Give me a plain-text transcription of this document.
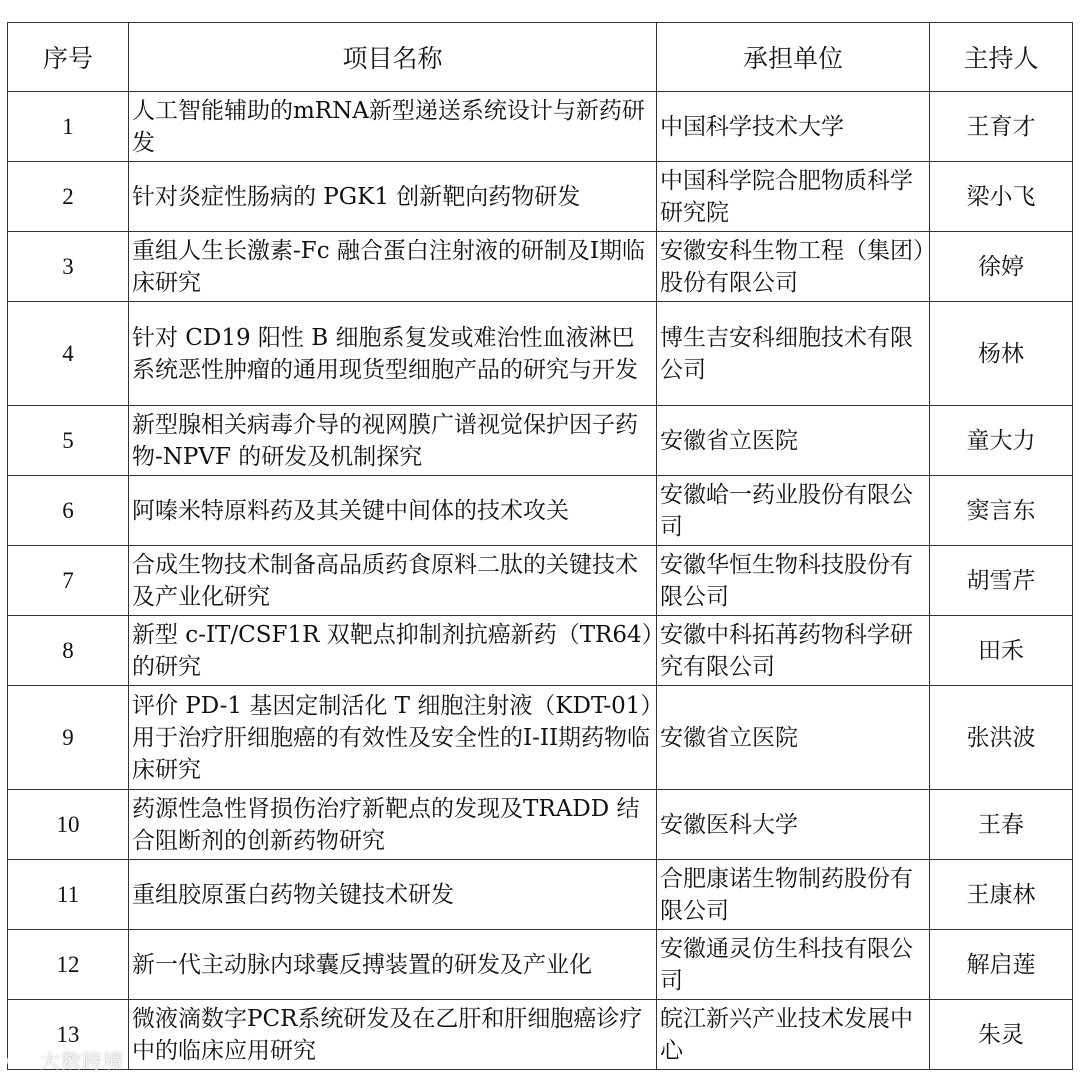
序号	项目名称	承担单位	主持人
1	人工智能辅助的mRNA新型递送系统设计与新药研发	中国科学技术大学	王育才
2	针对炎症性肠病的 PGK1 创新靶向药物研发	中国科学院合肥物质科学研究院	梁小飞
3	重组人生长激素-Fc 融合蛋白注射液的研制及I期临床研究	安徽安科生物工程（集团）股份有限公司	徐婷
4	针对 CD19 阳性 B 细胞系复发或难治性血液淋巴系统恶性肿瘤的通用现货型细胞产品的研究与开发	博生吉安科细胞技术有限公司	杨林
5	新型腺相关病毒介导的视网膜广谱视觉保护因子药物-NPVF 的研发及机制探究	安徽省立医院	童大力
6	阿嗪米特原料药及其关键中间体的技术攻关	安徽峆一药业股份有限公司	窦言东
7	合成生物技术制备高品质药食原料二肽的关键技术及产业化研究	安徽华恒生物科技股份有限公司	胡雪芹
8	新型 c-IT/CSF1R 双靶点抑制剂抗癌新药（TR64）的研究	安徽中科拓苒药物科学研究有限公司	田禾
9	评价 PD-1 基因定制活化 T 细胞注射液（KDT-01）用于治疗肝细胞癌的有效性及安全性的I-II期药物临床研究	安徽省立医院	张洪波
10	药源性急性肾损伤治疗新靶点的发现及TRADD 结合阻断剂的创新药物研究	安徽医科大学	王春
11	重组胶原蛋白药物关键技术研发	合肥康诺生物制药股份有限公司	王康林
12	新一代主动脉内球囊反搏装置的研发及产业化	安徽通灵仿生科技有限公司	解启莲
13	微液滴数字PCR系统研发及在乙肝和肝细胞癌诊疗中的临床应用研究	皖江新兴产业技术发展中心	朱灵
大数跨境
